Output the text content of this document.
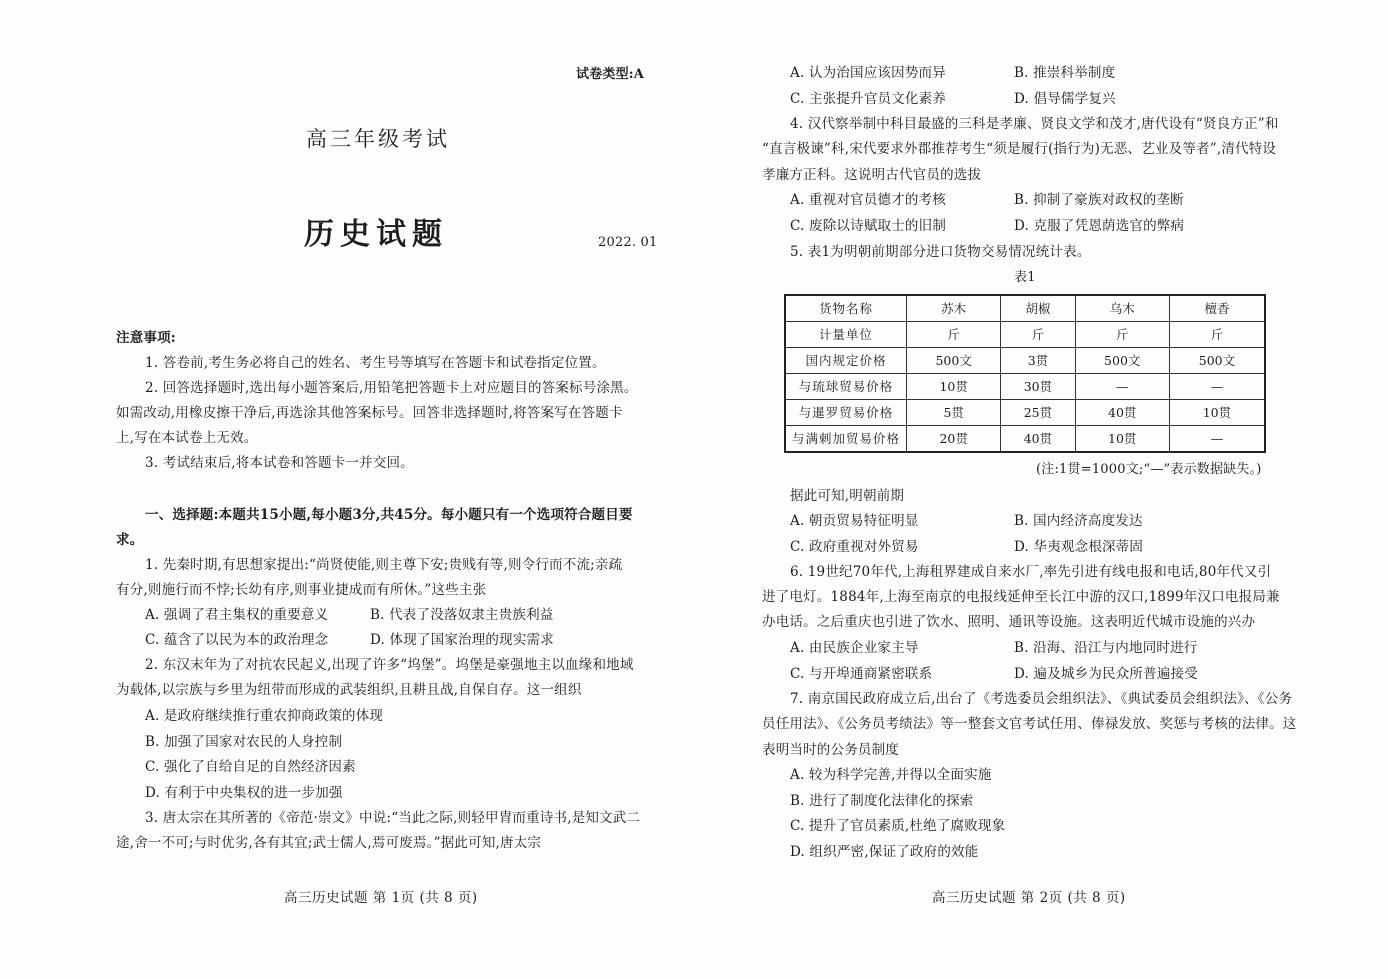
试卷类型:A
高三年级考试
历史试题	2022. 01
注意事项:
1. 答卷前,考生务必将自己的姓名、考生号等填写在答题卡和试卷指定位置。
2. 回答选择题时,选出每小题答案后,用铅笔把答题卡上对应题目的答案标号涂黑。
如需改动,用橡皮擦干净后,再选涂其他答案标号。回答非选择题时,将答案写在答题卡
上,写在本试卷上无效。
3. 考试结束后,将本试卷和答题卡一并交回。
一、选择题:本题共15小题,每小题3分,共45分。每小题只有一个选项符合题目要
求。
1. 先秦时期,有思想家提出:“尚贤使能,则主尊下安;贵贱有等,则令行而不流;亲疏
有分,则施行而不悖;长幼有序,则事业捷成而有所休。”这些主张
A. 强调了君主集权的重要意义	B. 代表了没落奴隶主贵族利益
C. 蕴含了以民为本的政治理念	D. 体现了国家治理的现实需求
2. 东汉末年为了对抗农民起义,出现了许多“坞堡”。坞堡是豪强地主以血缘和地域
为载体,以宗族与乡里为纽带而形成的武装组织,且耕且战,自保自存。这一组织
A. 是政府继续推行重农抑商政策的体现
B. 加强了国家对农民的人身控制
C. 强化了自给自足的自然经济因素
D. 有利于中央集权的进一步加强
3. 唐太宗在其所著的《帝范·崇文》中说:“当此之际,则轻甲胄而重诗书,是知文武二
途,舍一不可;与时优劣,各有其宜;武士儒人,焉可废焉。”据此可知,唐太宗
高三历史试题 第 1页 (共 8 页)
A. 认为治国应该因势而异	B. 推崇科举制度
C. 主张提升官员文化素养	D. 倡导儒学复兴
4. 汉代察举制中科目最盛的三科是孝廉、贤良文学和茂才,唐代设有“贤良方正”和
“直言极谏”科,宋代要求外郡推荐考生“须是履行(指行为)无恶、艺业及等者”,清代特设
孝廉方正科。这说明古代官员的选拔
A. 重视对官员德才的考核	B. 抑制了豪族对政权的垄断
C. 废除以诗赋取士的旧制	D. 克服了凭恩荫选官的弊病
5. 表1为明朝前期部分进口货物交易情况统计表。
表1
货物名称	苏木	胡椒	乌木	檀香
计量单位	斤	斤	斤	斤
国内规定价格	500文	3贯	500文	500文
与琉球贸易价格	10贯	30贯	—	—
与暹罗贸易价格	5贯	25贯	40贯	10贯
与满剌加贸易价格	20贯	40贯	10贯	—
(注:1贯=1000文;“—”表示数据缺失。)
据此可知,明朝前期
A. 朝贡贸易特征明显	B. 国内经济高度发达
C. 政府重视对外贸易	D. 华夷观念根深蒂固
6. 19世纪70年代,上海租界建成自来水厂,率先引进有线电报和电话,80年代又引
进了电灯。1884年,上海至南京的电报线延伸至长江中游的汉口,1899年汉口电报局兼
办电话。之后重庆也引进了饮水、照明、通讯等设施。这表明近代城市设施的兴办
A. 由民族企业家主导	B. 沿海、沿江与内地同时进行
C. 与开埠通商紧密联系	D. 遍及城乡为民众所普遍接受
7. 南京国民政府成立后,出台了《考选委员会组织法》、《典试委员会组织法》、《公务
员任用法》、《公务员考绩法》等一整套文官考试任用、俸禄发放、奖惩与考核的法律。这
表明当时的公务员制度
A. 较为科学完善,并得以全面实施
B. 进行了制度化法律化的探索
C. 提升了官员素质,杜绝了腐败现象
D. 组织严密,保证了政府的效能
高三历史试题 第 2页 (共 8 页)
